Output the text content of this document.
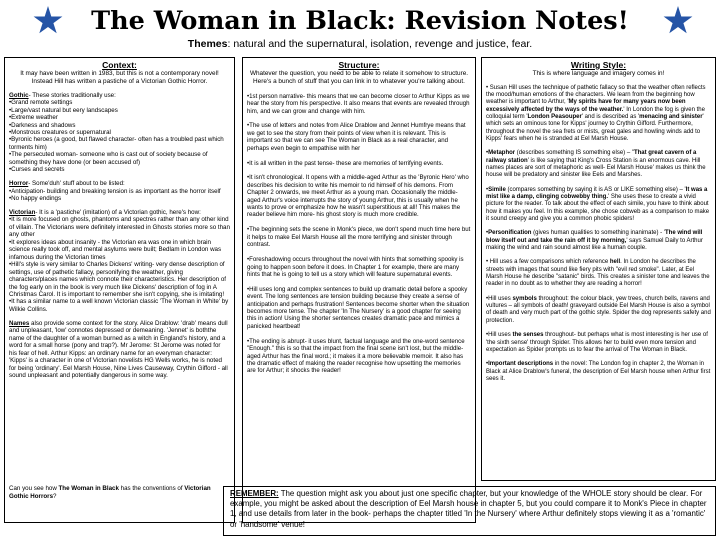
The Woman in Black: Revision Notes!
Themes: natural and the supernatural, isolation, revenge and justice, fear.
Context:
It may have been written in 1983, but this is not a contemporary novel! Instead Hill has written a pastiche of a Victorian Gothic Horror.

Gothic- These stories traditionally use:

•Grand remote settings

•Large/vast natural but eery landscapes

•Extreme weather

•Darkness and shadows

•Monstrous creatures or supernatural

•Byronic heroes (a good, but flawed character- often has a troubled past which torments him)

•The persecuted woman- someone who is cast out of society because of something they have done (or been accused of)

•Curses and secrets

Horror- Some'duh' stuff about to be listed:

•Anticipation- building and breaking tension is as important as the horror itself

•No happy endings

Victorian- It is a 'pastiche' (imitation) of a Victorian gothic, here's how:

•It is more focused on ghosts, phantoms and spectres rather than any other kind of villain. The Victorians were definitely interested in Ghosts stories more so than any other

•It explores ideas about insanity - the Victorian era was one in which brain science really took off, and mental asylums were built; Bedlam in London was infamous during the Victorian times

•Hill's style is very similar to Charles Dickens' writing- very dense description of settings, use of pathetic fallacy, personifying the weather, giving characters/places names which connote their characteristics. Her description of the fog early on in the book is very much like Dickens' description of fog in A Christmas Carol. It is important to remember she isn't copying, she is imitating!

•It has a similar name to a well known Victorian classic 'The Woman in White' by Wilkie Collins.

Names also provide some context for the story. Alice Drablow: 'drab' means dull and unpleasant, 'low' connotes depressed or demeaning. 'Jennet' is boththe name of the daughter of a woman burned as a witch in England's history, and a word for a small horse (pony and trap?). Mr Jerome: St Jerome was noted for his fear of hell. Arthur Kipps: an ordinary name for an everyman character: 'Kipps' is a character in one of Victorian novelists HG Wells works, he is noted for being 'ordinary'. Eel Marsh House, Nine Lives Causeway, Crythin Gifford - all sound unpleasant and potentially dangerous in some way.

Can you see how The Woman in Black has the conventions of Victorian Gothic Horrors?

Structure:
Whatever the question, you need to be able to relate it somehow to structure. Here's a bunch of stuff that you can link in to whatever you're talking about.

•1st person narrative- this means that we can become closer to Arthur Kipps as we hear the story from his perspective. It also means that events are revealed through him, and we can grow and change with him.

•The use of letters and notes from Alice Drablow and Jennet Humfrye means that we get to see the story from their points of view when it is relevant. This is important so that we can see The Woman in Black as a real character, and perhaps even begin to empathise with her

•It is all written in the past tense- these are memories of terrifying events.

•It isn't chronological. It opens with a middle-aged Arthur as the 'Byronic Hero' who describes his decision to write his memoir to rid himself of his demons. From Chapter 2 onwards, we meet Arthur as a young man. Occasionally the middle-aged Arthur's voice interrupts the story of young Arthur, this is usually when he wants to prove or emphasize how he wasn't superstitious at all! This makes the reader believe him more- his ghost story is much more credible.

•The beginning sets the scene in Monk's piece, we don't spend much time here but it helps to make Eel Marsh House all the more terrifying and sinister through contrast.

•Foreshadowing occurs throughout the novel with hints that something spooky is going to happen soon before it does. In Chapter 1 for example, there are many hints that he is going to tell us a story which will feature supernatural events.

•Hill uses long and complex sentences to build up dramatic detail before a spooky event. The long sentences are tension building because they create a sense of anticipation and perhaps frustration! Sentences become shorter when the situation becomes more tense. The chapter 'In The Nursery' is a good chapter for seeing this in action! Using the shorter sentences creates dramatic pace and mimics a panicked heartbeat!

•The ending is abrupt- it uses blunt, factual language and the one-word sentence "Enough." this is so that the impact from the final scene isn't lost, but the middle-aged Arthur has the final word.; it makes it a more believable memoir. It also has the dramatic effect of making the reader recognise how upsetting the memories are for Arthur; it shocks the reader!

Writing Style:
This is where language and imagery comes in!

• Susan Hill uses the technique of pathetic fallacy so that the weather often reflects the mood/human emotions of the characters. We learn from the beginning how weather is important to Arthur, 'My spirits have for many years now been excessively affected by the ways of the weather.' In London the fog is given the colloquial term 'London Peasouper' and is described as 'menacing and sinister' which sets an ominous tone for Kipps' journey to Crythin Gifford. Furthermore, throughout the novel the sea frets or mists, great gales and howling winds add to Kipps' fears when he is stranded at Eel Marsh House.

•Metaphor (describes something IS something else) – "That great cavern of a railway station' is like saying that King's Cross Station is an enormous cave. Hill names places are sort of metaphoric as well- Eel Marsh House' makes us think the house will be predatory and sinister like Eels and Marshes.

•Simile (compares something by saying it is AS or LIKE something else) – 'It was a mist like a damp, clinging cobwebby thing.' She uses these to create a vivid picture for the reader. To talk about the effect of each simile, you have to think about how it makes you feel. In this example, she chose cobweb as a comparison to make it sound creepy and give you a common phobic spiders!

•Personification (gives human qualities to something inanimate) - 'The wind will blow itself out and take the rain off it by morning,' says Samuel Daily to Arthur making the wind and rain sound almost like a human couple.

• Hill uses a few comparisons which reference hell. In London he describes the streets with images that sound like fiery pits with "evil red smoke". Later, at Eel Marsh House he describe "satanic" birds. This creates a sinister tone and leaves the reader in no doubt as to whether they are reading a horror!

•Hill uses symbols throughout: the colour black, yew trees, church bells, ravens and vultures – all symbols of death! graveyard outside Eel Marsh House is also a symbol of death and very much part of the gothic style. Spider the dog represents safety and protection.

•Hill uses the senses throughout- but perhaps what is most interesting is her use of 'the sixth sense' through Spider. This allows her to build even more tension and expectation as Spider prompts us to fear the arrival of The Woman in Black.

•Important descriptions in the novel: The London fog in chapter 2, the Woman in Black at Alice Drablow's funeral, the description of Eel Marsh house when Arthur first sees it.

REMEMBER: The question might ask you about just one specific chapter, but your knowledge of the WHOLE story should be clear. For example, you might be asked about the description of Eel Marsh house in chapter 5, but you could compare it to Monk's Piece in chapter 1, and use details from later in the book- perhaps the chapter titled 'In the Nursery' where Arthur definitely stops viewing it as a 'romantic' or 'handsome' venue!
